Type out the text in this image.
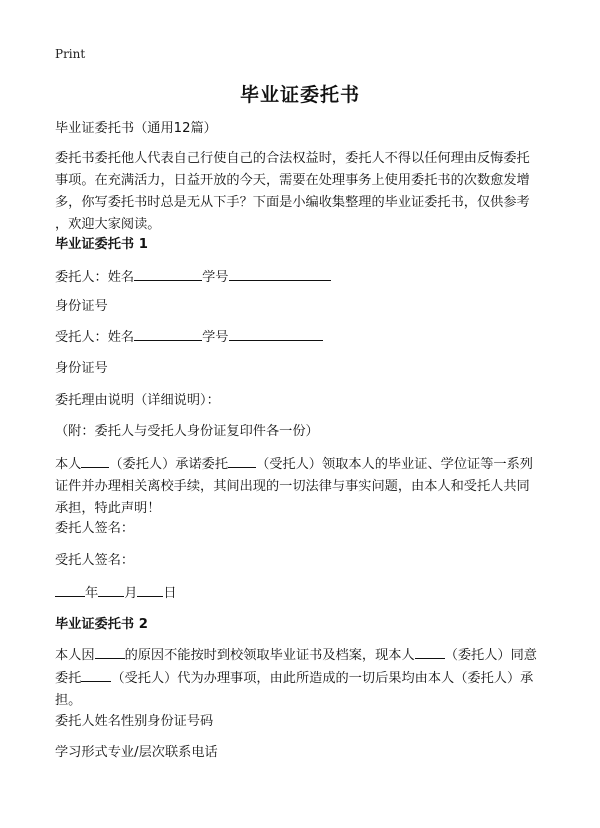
Print
毕业证委托书
毕业证委托书（通用12篇）
委托书委托他人代表自己行使自己的合法权益时，委托人不得以任何理由反悔委托
事项。在充满活力，日益开放的今天，需要在处理事务上使用委托书的次数愈发增
多，你写委托书时总是无从下手？下面是小编收集整理的毕业证委托书，仅供参考
，欢迎大家阅读。
毕业证委托书 1
委托人：姓名	学号
身份证号
受托人：姓名	学号
身份证号
委托理由说明（详细说明）：
（附：委托人与受托人身份证复印件各一份）
本人 （委托人）承诺委托 （受托人）领取本人的毕业证、学位证等一系列
证件并办理相关离校手续，其间出现的一切法律与事实问题，由本人和受托人共同
承担，特此声明！
委托人签名：
受托人签名：
年 月 日
毕业证委托书 2
本人因 的原因不能按时到校领取毕业证书及档案，现本人 （委托人）同意
委托 （受托人）代为办理事项，由此所造成的一切后果均由本人（委托人）承
担。
委托人姓名性别身份证号码
学习形式专业/层次联系电话
